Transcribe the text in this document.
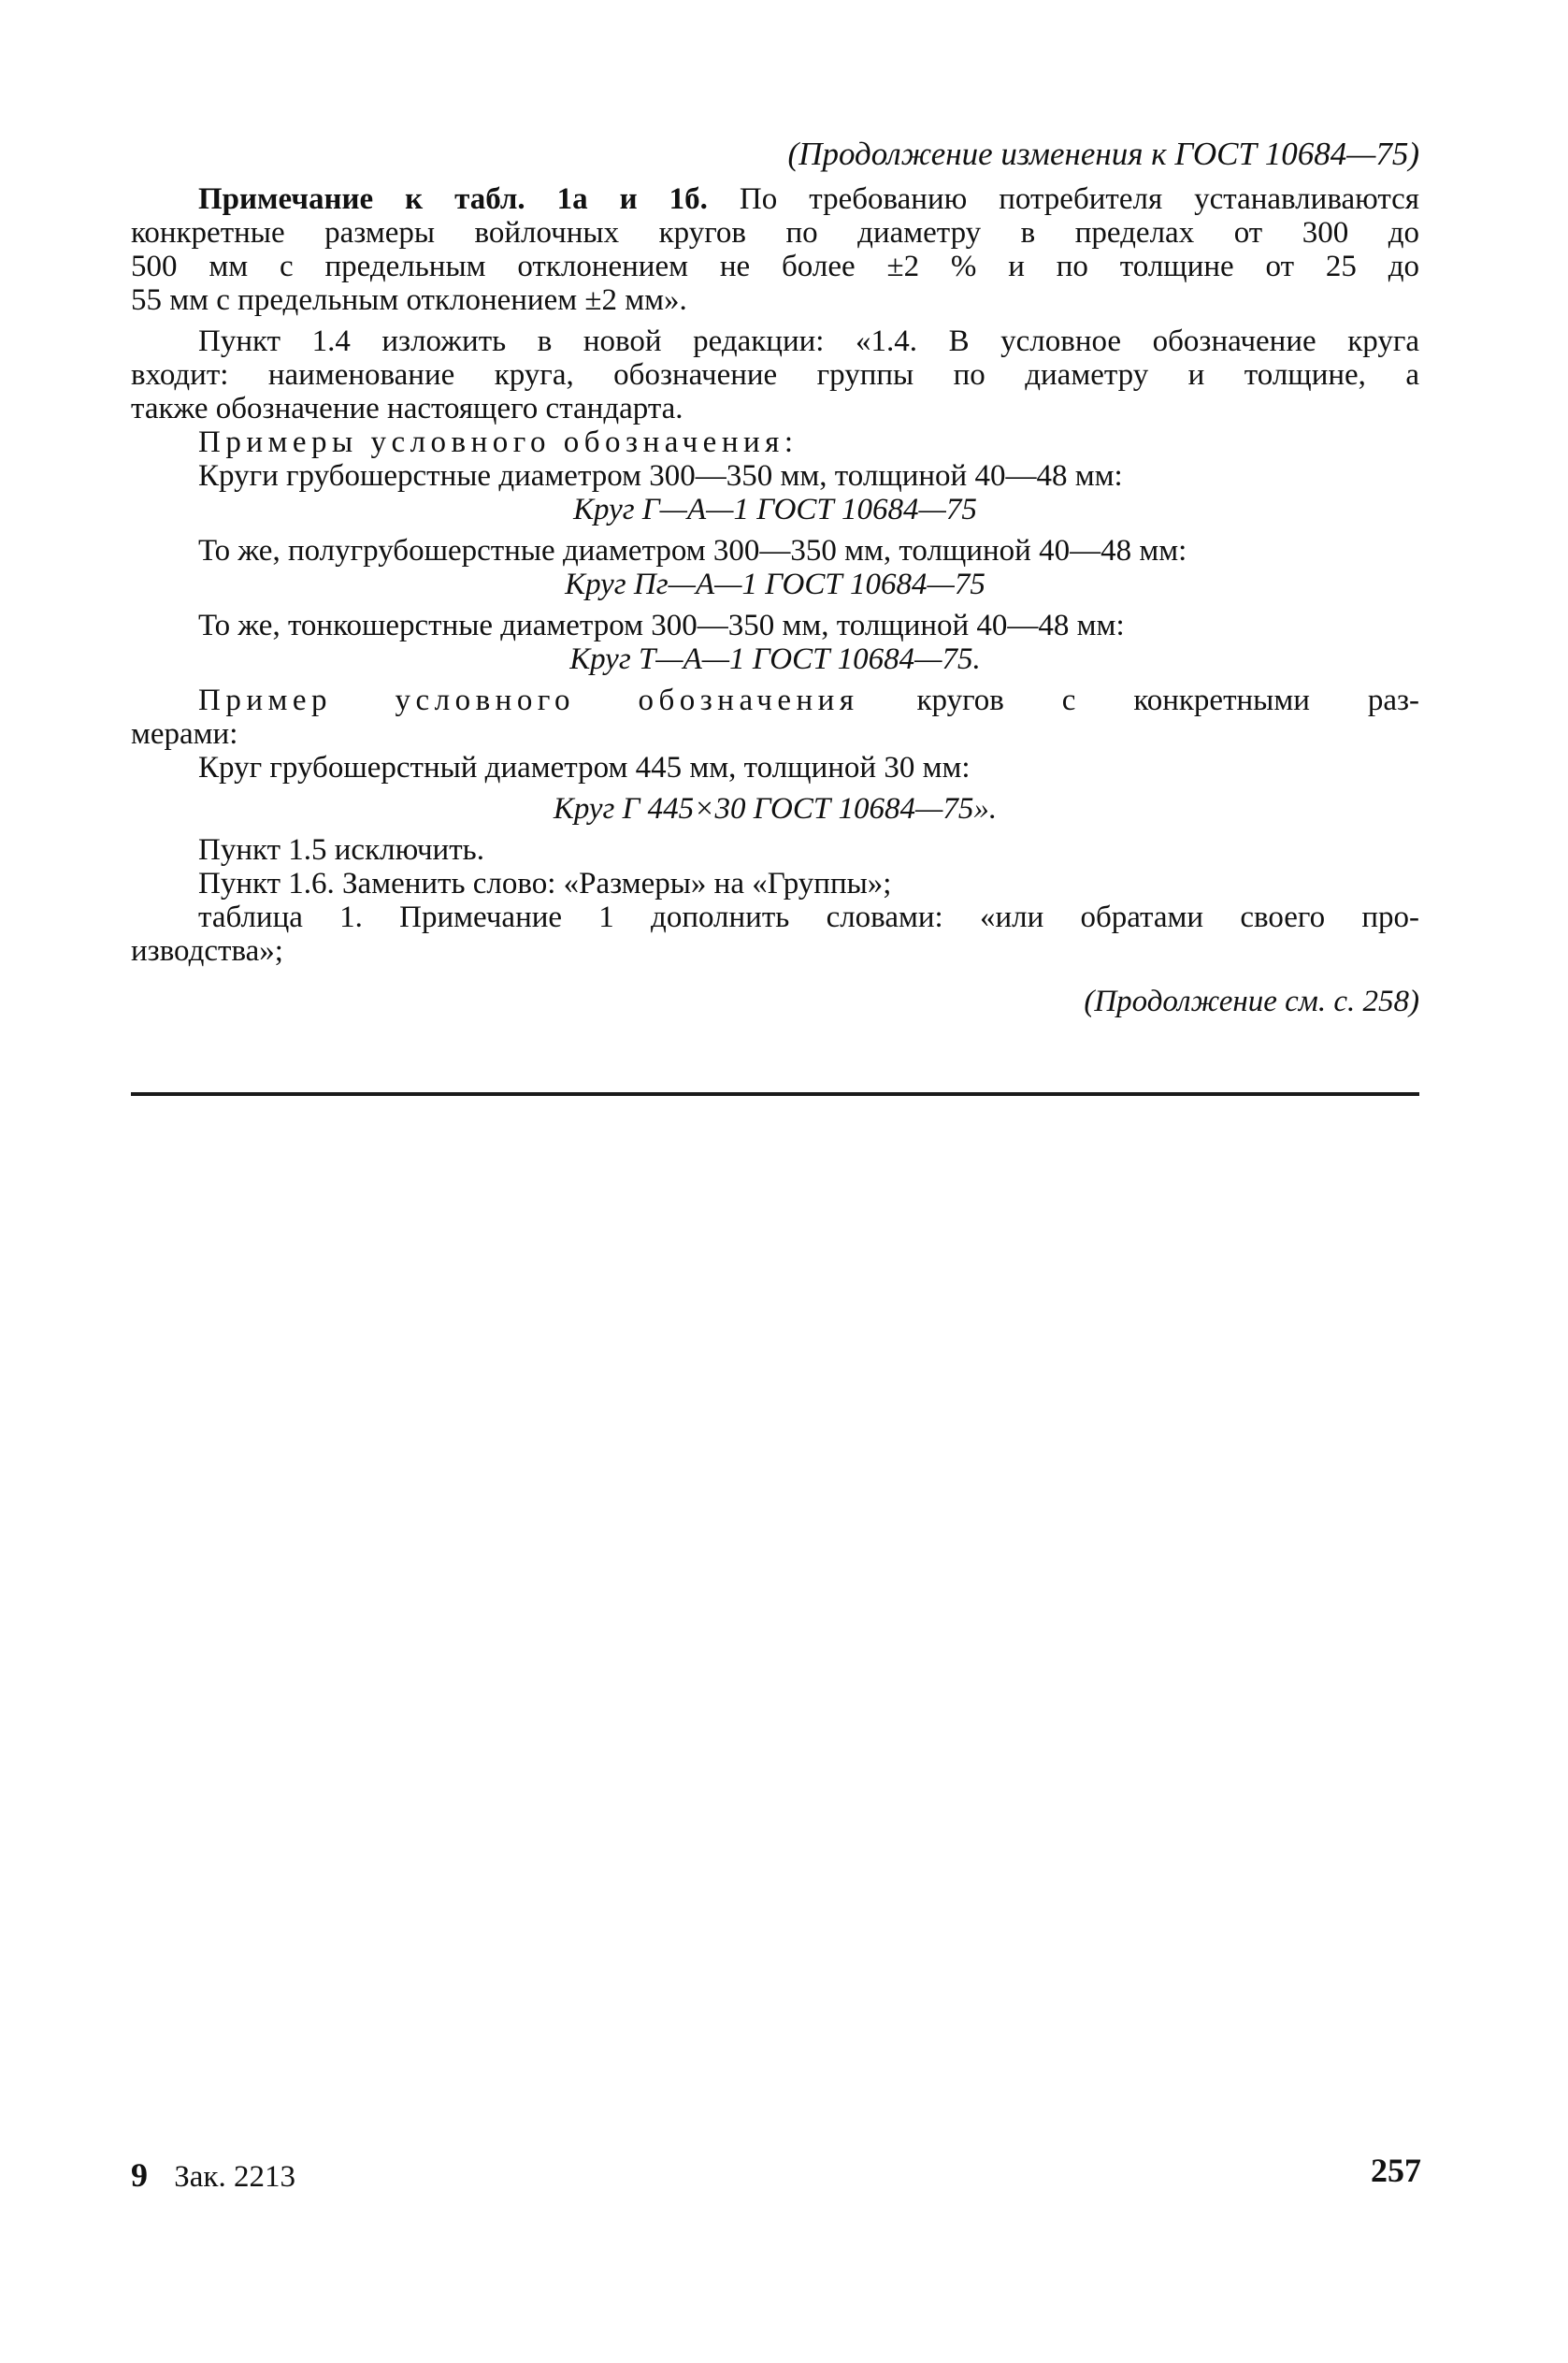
(Продолжение изменения к ГОСТ 10684—75)

Примечание к табл. 1а и 1б. По требованию потребителя устанавливаются

конкретные размеры войлочных кругов по диаметру в пределах от 300 до

500 мм с предельным отклонением не более ±2 % и по толщине от 25 до

55 мм с предельным отклонением ±2 мм».

Пункт 1.4 изложить в новой редакции: «1.4. В условное обозначение круга

входит: наименование круга, обозначение группы по диаметру и толщине, а

также обозначение настоящего стандарта.

Примеры условного обозначения:

Круги грубошерстные диаметром 300—350 мм, толщиной 40—48 мм:

Круг Г—А—1 ГОСТ 10684—75

То же, полугрубошерстные диаметром 300—350 мм, толщиной 40—48 мм:

Круг Пг—А—1 ГОСТ 10684—75

То же, тонкошерстные диаметром 300—350 мм, толщиной 40—48 мм:

Круг Т—А—1 ГОСТ 10684—75.

Пример условного обозначения кругов с конкретными раз-

мерами:

Круг грубошерстный диаметром 445 мм, толщиной 30 мм:

Круг Г 445×30 ГОСТ 10684—75».

Пункт 1.5 исключить.

Пункт 1.6. Заменить слово: «Размеры» на «Группы»;

таблица 1. Примечание 1 дополнить словами: «или обратами своего про-

изводства»;

(Продолжение см. с. 258)

9 Зак. 2213	257
